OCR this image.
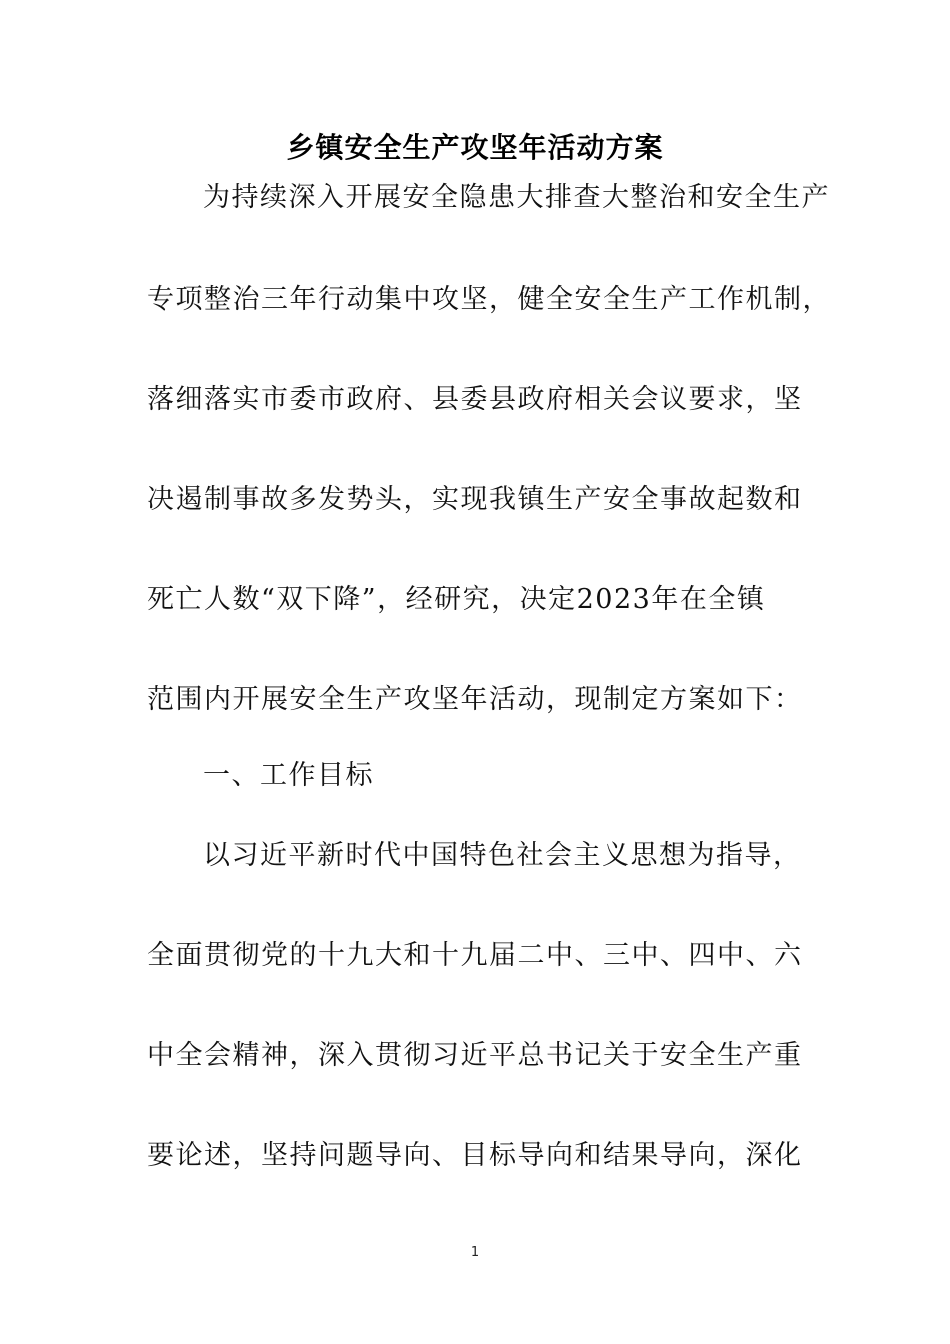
乡镇安全生产攻坚年活动方案
为持续深入开展安全隐患大排查大整治和安全生产
专项整治三年行动集中攻坚，健全安全生产工作机制，
落细落实市委市政府、县委县政府相关会议要求，坚
决遏制事故多发势头，实现我镇生产安全事故起数和
死亡人数“双下降”，经研究，决定2023年在全镇
范围内开展安全生产攻坚年活动，现制定方案如下：
一、工作目标
以习近平新时代中国特色社会主义思想为指导，
全面贯彻党的十九大和十九届二中、三中、四中、六
中全会精神，深入贯彻习近平总书记关于安全生产重
要论述，坚持问题导向、目标导向和结果导向，深化
1
